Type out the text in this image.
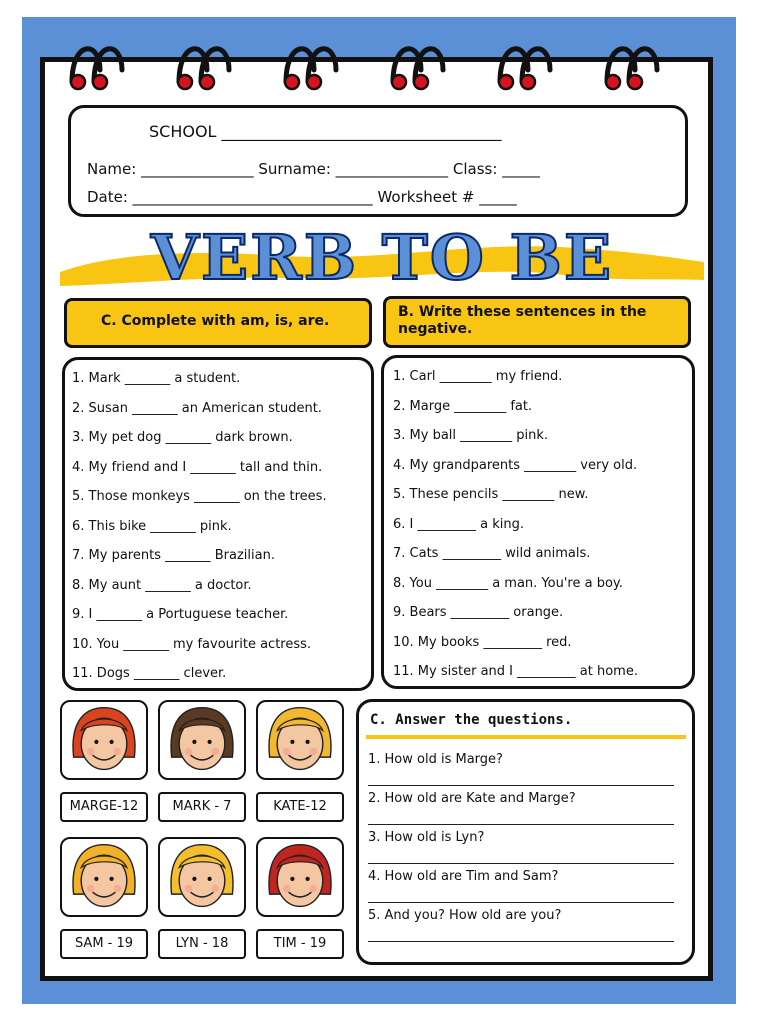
SCHOOL ___________________________________
Name: _______________ Surname: _______________ Class: _____
Date: ________________________________ Worksheet # _____
VERB TO BE
C. Complete with am, is, are.
1. Mark _______ a student.
2. Susan _______ an American student.
3. My pet dog _______ dark brown.
4. My friend and I _______ tall and thin.
5. Those monkeys _______ on the trees.
6. This bike _______ pink.
7. My parents _______ Brazilian.
8. My aunt _______ a doctor.
9. I _______ a Portuguese teacher.
10. You _______ my favourite actress.
11. Dogs _______ clever.
B. Write these sentences in the negative.
1. Carl ________ my friend.
2. Marge ________ fat.
3. My ball ________ pink.
4. My grandparents ________ very old.
5. These pencils ________ new.
6. I _________ a king.
7. Cats _________ wild animals.
8. You ________ a man. You're a boy.
9. Bears _________ orange.
10. My books _________ red.
11. My sister and I _________ at home.
MARGE-12	MARK - 7	KATE-12
SAM - 19	LYN - 18	TIM - 19
C. Answer the questions.
1. How old is Marge?
2. How old are Kate and Marge?
3. How old is Lyn?
4. How old are Tim and Sam?
5. And you? How old are you?
